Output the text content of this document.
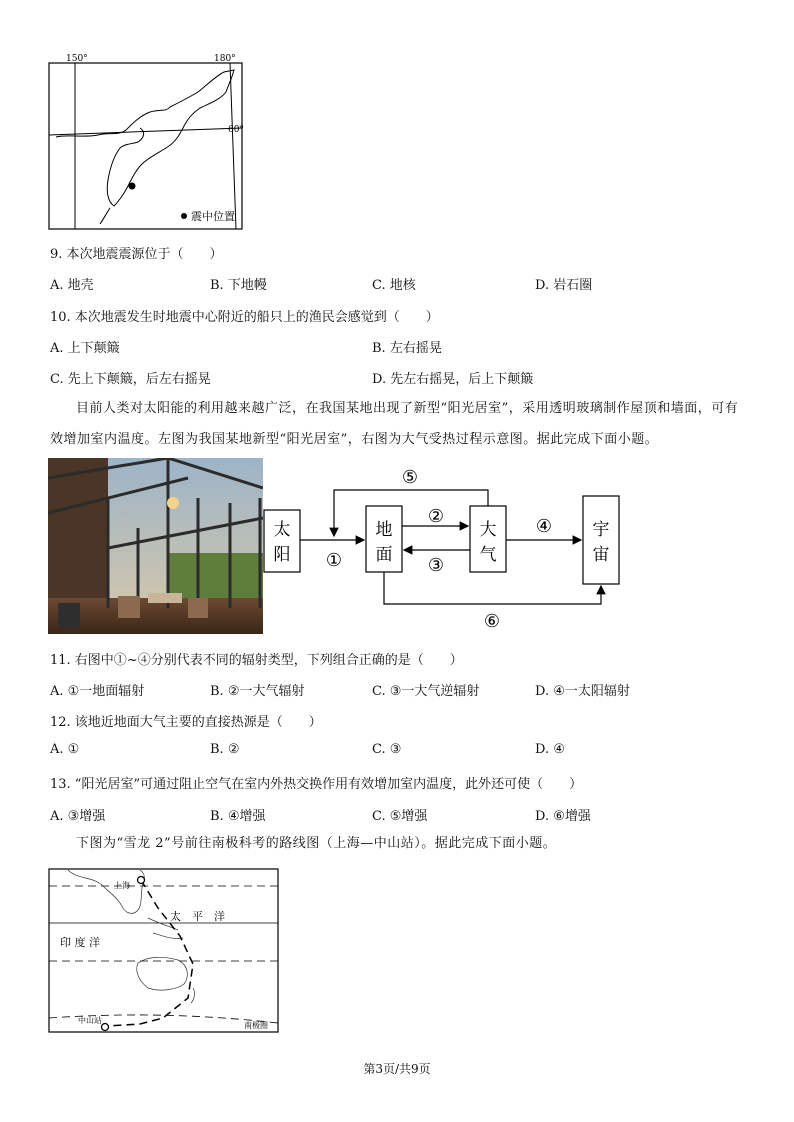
150°	180°
60°
震中位置
9. 本次地震震源位于（　　）
A. 地壳	B. 下地幔	C. 地核	D. 岩石圈
10. 本次地震发生时地震中心附近的船只上的渔民会感觉到（　　）
A. 上下颠簸	B. 左右摇晃
C. 先上下颠簸，后左右摇晃	D. 先左右摇晃，后上下颠簸
目前人类对太阳能的利用越来越广泛，在我国某地出现了新型“阳光居室”，采用透明玻璃制作屋顶和墙面，可有效增加室内温度。左图为我国某地新型“阳光居室”，右图为大气受热过程示意图。据此完成下面小题。
太
阳
地
面
大
气
宇
宙
①
②
③
④
⑤
⑥
11. 右图中①~④分别代表不同的辐射类型，下列组合正确的是（　　）
A. ①一地面辐射	B. ②一大气辐射	C. ③一大气逆辐射	D. ④一太阳辐射
12. 该地近地面大气主要的直接热源是（　　）
A. ①	B. ②	C. ③	D. ④
13. “阳光居室”可通过阻止空气在室内外热交换作用有效增加室内温度，此外还可使（　　）
A. ③增强	B. ④增强	C. ⑤增强	D. ⑥增强
下图为“雪龙 2”号前往南极科考的路线图（上海—中山站）。据此完成下面小题。
上海
太　平　洋
印 度 洋
中山站
南极圈
第3页/共9页
